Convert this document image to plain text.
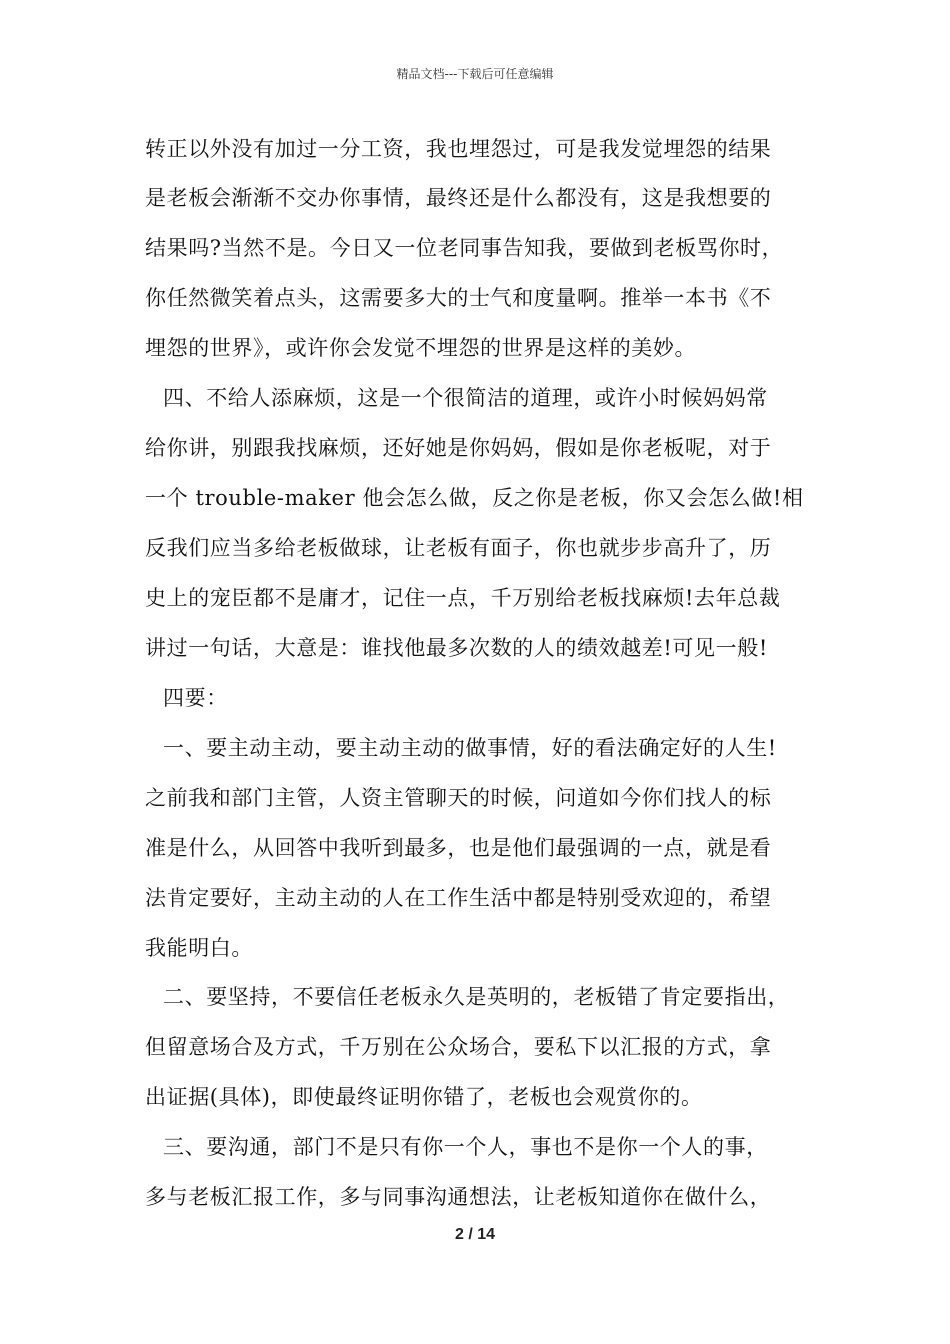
精品文档---下载后可任意编辑
转正以外没有加过一分工资，我也埋怨过，可是我发觉埋怨的结果
是老板会渐渐不交办你事情，最终还是什么都没有，这是我想要的
结果吗?当然不是。今日又一位老同事告知我，要做到老板骂你时，
你任然微笑着点头，这需要多大的士气和度量啊。推举一本书《不
埋怨的世界》，或许你会发觉不埋怨的世界是这样的美妙。
四、不给人添麻烦，这是一个很简洁的道理，或许小时候妈妈常
给你讲，别跟我找麻烦，还好她是你妈妈，假如是你老板呢，对于
一个 trouble-maker 他会怎么做，反之你是老板，你又会怎么做!相
反我们应当多给老板做球，让老板有面子，你也就步步高升了，历
史上的宠臣都不是庸才，记住一点，千万别给老板找麻烦!去年总裁
讲过一句话，大意是：谁找他最多次数的人的绩效越差!可见一般!
四要：
一、要主动主动，要主动主动的做事情，好的看法确定好的人生!
之前我和部门主管，人资主管聊天的时候，问道如今你们找人的标
准是什么，从回答中我听到最多，也是他们最强调的一点，就是看
法肯定要好，主动主动的人在工作生活中都是特别受欢迎的，希望
我能明白。
二、要坚持，不要信任老板永久是英明的，老板错了肯定要指出，
但留意场合及方式，千万别在公众场合，要私下以汇报的方式，拿
出证据(具体)，即使最终证明你错了，老板也会观赏你的。
三、要沟通，部门不是只有你一个人，事也不是你一个人的事，
多与老板汇报工作，多与同事沟通想法，让老板知道你在做什么，
2 / 14
